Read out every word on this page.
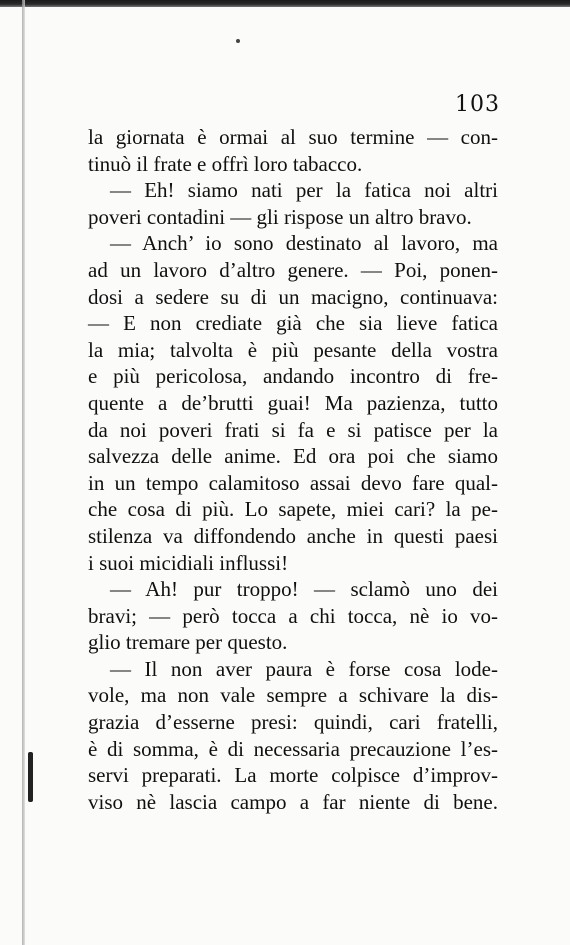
103
la giornata è ormai al suo termine — con-
tinuò il frate e offrì loro tabacco.
— Eh! siamo nati per la fatica noi altri
poveri contadini — gli rispose un altro bravo.
— Anch’ io sono destinato al lavoro, ma
ad un lavoro d’altro genere. — Poi, ponen-
dosi a sedere su di un macigno, continuava:
— E non crediate già che sia lieve fatica
la mia; talvolta è più pesante della vostra
e più pericolosa, andando incontro di fre-
quente a de’brutti guai! Ma pazienza, tutto
da noi poveri frati si fa e si patisce per la
salvezza delle anime. Ed ora poi che siamo
in un tempo calamitoso assai devo fare qual-
che cosa di più. Lo sapete, miei cari? la pe-
stilenza va diffondendo anche in questi paesi
i suoi micidiali influssi!
— Ah! pur troppo! — sclamò uno dei
bravi; — però tocca a chi tocca, nè io vo-
glio tremare per questo.
— Il non aver paura è forse cosa lode-
vole, ma non vale sempre a schivare la dis-
grazia d’esserne presi: quindi, cari fratelli,
è di somma, è di necessaria precauzione l’es-
servi preparati. La morte colpisce d’improv-
viso nè lascia campo a far niente di bene.
